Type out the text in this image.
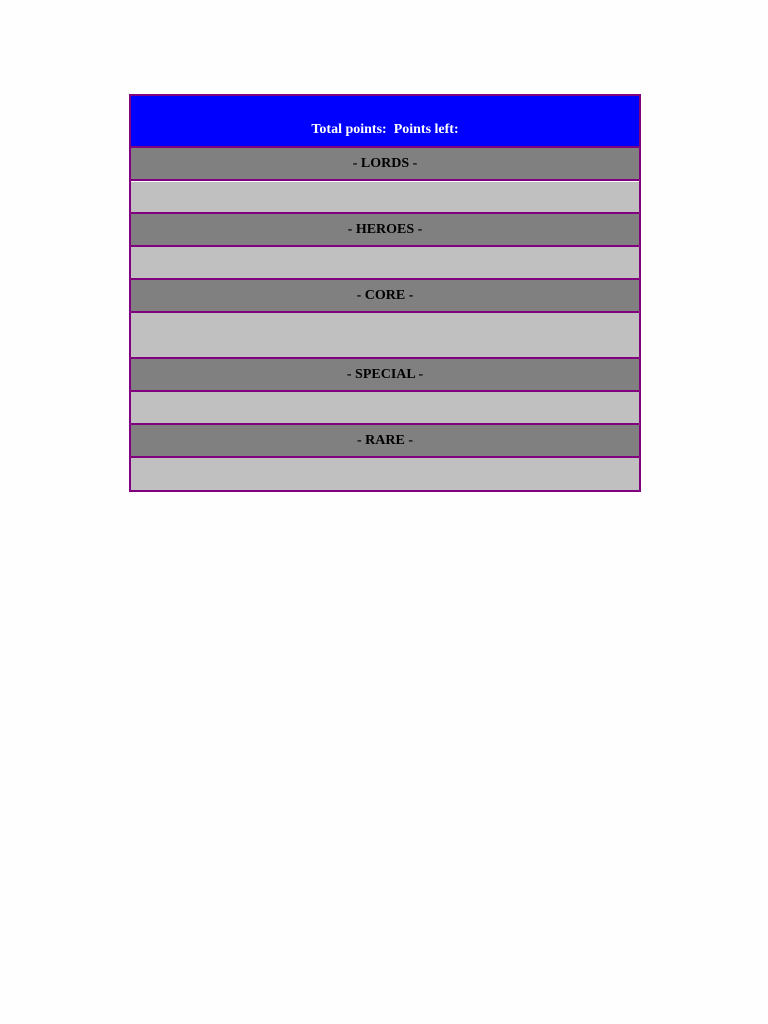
Total points:  Points left:
- LORDS -
- HEROES -
- CORE -
- SPECIAL -
- RARE -
